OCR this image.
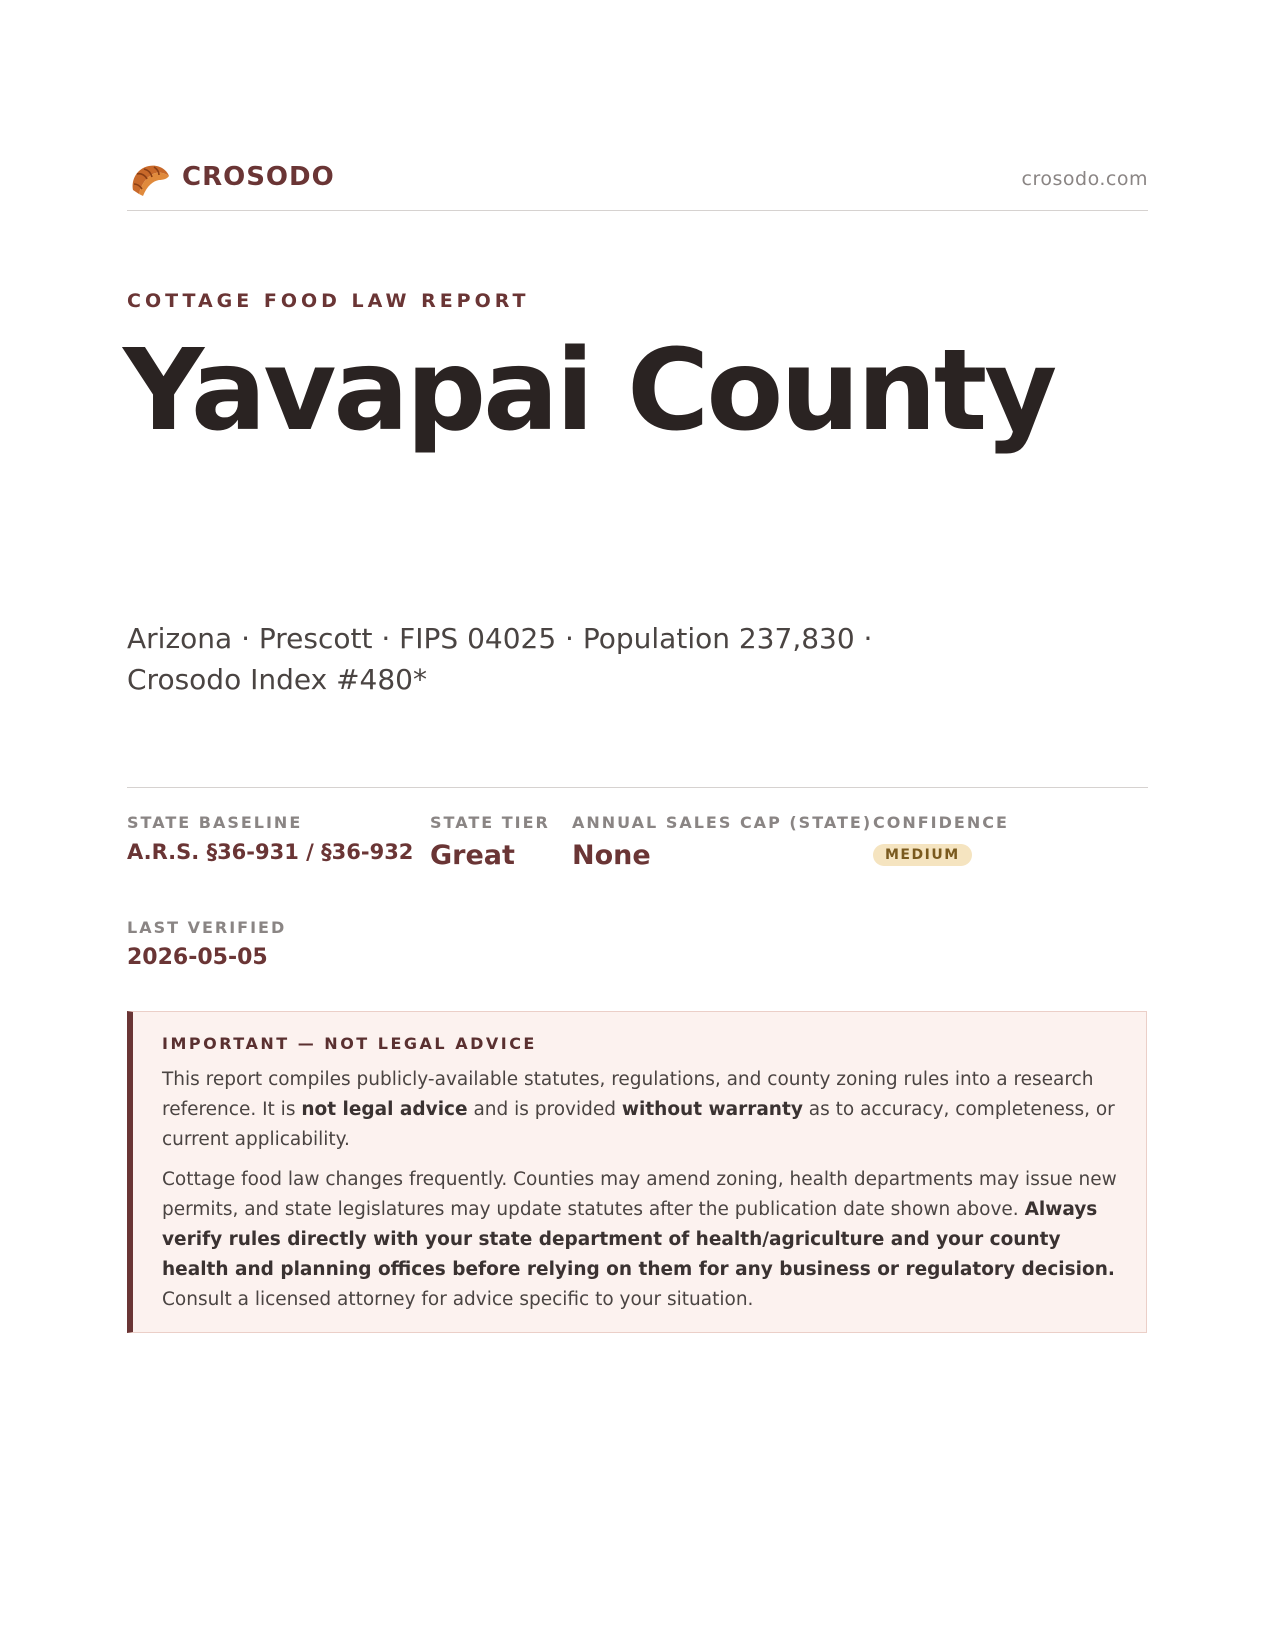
CROSODO	crosodo.com
COTTAGE FOOD LAW REPORT
Yavapai County
Arizona · Prescott · FIPS 04025 · Population 237,830 · Crosodo Index #480*
STATE BASELINE
A.R.S. §36-931 / §36-932
STATE TIER
Great
ANNUAL SALES CAP (STATE)
None
CONFIDENCE
MEDIUM
LAST VERIFIED
2026-05-05
IMPORTANT — NOT LEGAL ADVICE

This report compiles publicly-available statutes, regulations, and county zoning rules into a research reference. It is not legal advice and is provided without warranty as to accuracy, completeness, or current applicability.

Cottage food law changes frequently. Counties may amend zoning, health departments may issue new permits, and state legislatures may update statutes after the publication date shown above. Always verify rules directly with your state department of health/agriculture and your county health and planning offices before relying on them for any business or regulatory decision. Consult a licensed attorney for advice specific to your situation.
